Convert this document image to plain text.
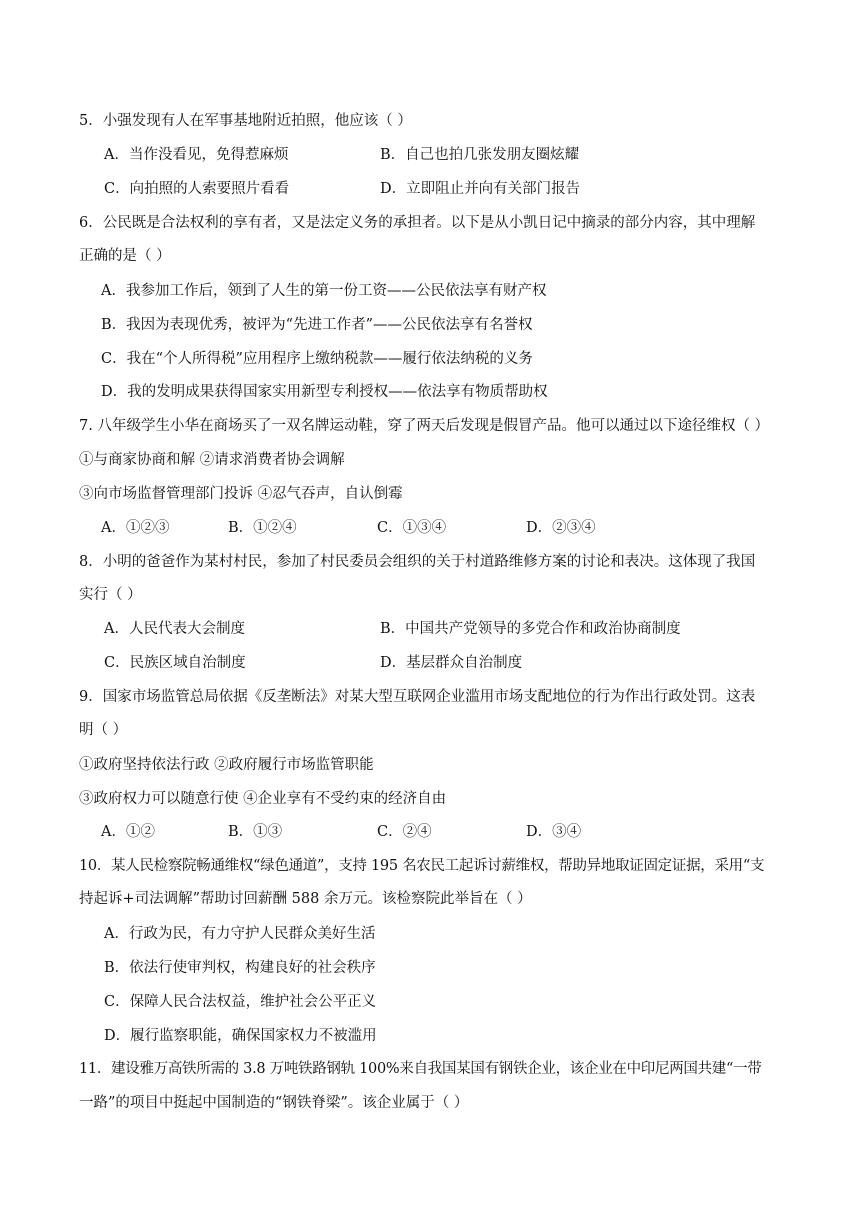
5．小强发现有人在军事基地附近拍照，他应该（ ）
A．当作没看见，免得惹麻烦	B．自己也拍几张发朋友圈炫耀
C．向拍照的人索要照片看看	D．立即阻止并向有关部门报告
6．公民既是合法权利的享有者，又是法定义务的承担者。以下是从小凯日记中摘录的部分内容，其中理解
正确的是（ ）
A．我参加工作后，领到了人生的第一份工资——公民依法享有财产权
B．我因为表现优秀，被评为“先进工作者”——公民依法享有名誉权
C．我在“个人所得税”应用程序上缴纳税款——履行依法纳税的义务
D．我的发明成果获得国家实用新型专利授权——依法享有物质帮助权
7. 八年级学生小华在商场买了一双名牌运动鞋，穿了两天后发现是假冒产品。他可以通过以下途径维权（ ）
①与商家协商和解 ②请求消费者协会调解
③向市场监督管理部门投诉 ④忍气吞声，自认倒霉
A．①②③	B．①②④	C．①③④	D．②③④
8．小明的爸爸作为某村村民，参加了村民委员会组织的关于村道路维修方案的讨论和表决。这体现了我国
实行（ ）
A．人民代表大会制度	B．中国共产党领导的多党合作和政治协商制度
C．民族区域自治制度	D．基层群众自治制度
9．国家市场监管总局依据《反垄断法》对某大型互联网企业滥用市场支配地位的行为作出行政处罚。这表
明（ ）
①政府坚持依法行政 ②政府履行市场监管职能
③政府权力可以随意行使 ④企业享有不受约束的经济自由
A．①②	B．①③	C．②④	D．③④
10．某人民检察院畅通维权“绿色通道”，支持 195 名农民工起诉讨薪维权，帮助异地取证固定证据，采用“支
持起诉+司法调解”帮助讨回薪酬 588 余万元。该检察院此举旨在（ ）
A．行政为民，有力守护人民群众美好生活
B．依法行使审判权，构建良好的社会秩序
C．保障人民合法权益，维护社会公平正义
D．履行监察职能，确保国家权力不被滥用
11．建设雅万高铁所需的 3.8 万吨铁路钢轨 100%来自我国某国有钢铁企业，该企业在中印尼两国共建“一带
一路”的项目中挺起中国制造的“钢铁脊梁”。该企业属于（ ）
